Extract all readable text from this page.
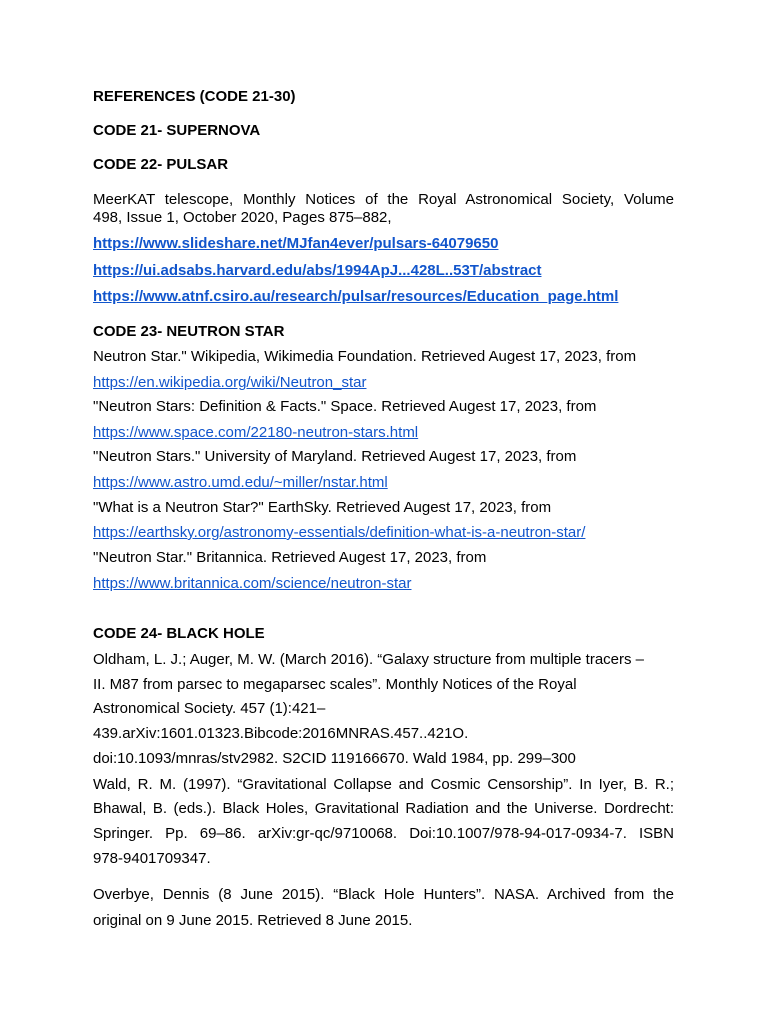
REFERENCES (CODE 21-30)
CODE 21- SUPERNOVA
CODE 22- PULSAR
MeerKAT telescope, Monthly Notices of the Royal Astronomical Society, Volume
498, Issue 1, October 2020, Pages 875–882,
https://www.slideshare.net/MJfan4ever/pulsars-64079650
https://ui.adsabs.harvard.edu/abs/1994ApJ...428L..53T/abstract
https://www.atnf.csiro.au/research/pulsar/resources/Education_page.html
CODE 23- NEUTRON STAR
Neutron Star." Wikipedia, Wikimedia Foundation. Retrieved Augest 17, 2023, from
https://en.wikipedia.org/wiki/Neutron_star
"Neutron Stars: Definition & Facts." Space. Retrieved Augest 17, 2023, from
https://www.space.com/22180-neutron-stars.html
"Neutron Stars." University of Maryland. Retrieved Augest 17, 2023, from
https://www.astro.umd.edu/~miller/nstar.html
"What is a Neutron Star?" EarthSky. Retrieved Augest 17, 2023, from
https://earthsky.org/astronomy-essentials/definition-what-is-a-neutron-star/
"Neutron Star." Britannica. Retrieved Augest 17, 2023, from
https://www.britannica.com/science/neutron-star
CODE 24- BLACK HOLE
Oldham, L. J.; Auger, M. W. (March 2016). “Galaxy structure from multiple tracers –
II. M87 from parsec to megaparsec scales”. Monthly Notices of the Royal
Astronomical Society. 457 (1):421–
439.arXiv:1601.01323.Bibcode:2016MNRAS.457..421O.
doi:10.1093/mnras/stv2982. S2CID 119166670. Wald 1984, pp. 299–300
Wald, R. M. (1997). “Gravitational Collapse and Cosmic Censorship”. In Iyer, B. R.;
Bhawal, B. (eds.). Black Holes, Gravitational Radiation and the Universe. Dordrecht:
Springer. Pp. 69–86. arXiv:gr-qc/9710068. Doi:10.1007/978-94-017-0934-7. ISBN
978-9401709347.
Overbye, Dennis (8 June 2015). “Black Hole Hunters”. NASA. Archived from the
original on 9 June 2015. Retrieved 8 June 2015.
